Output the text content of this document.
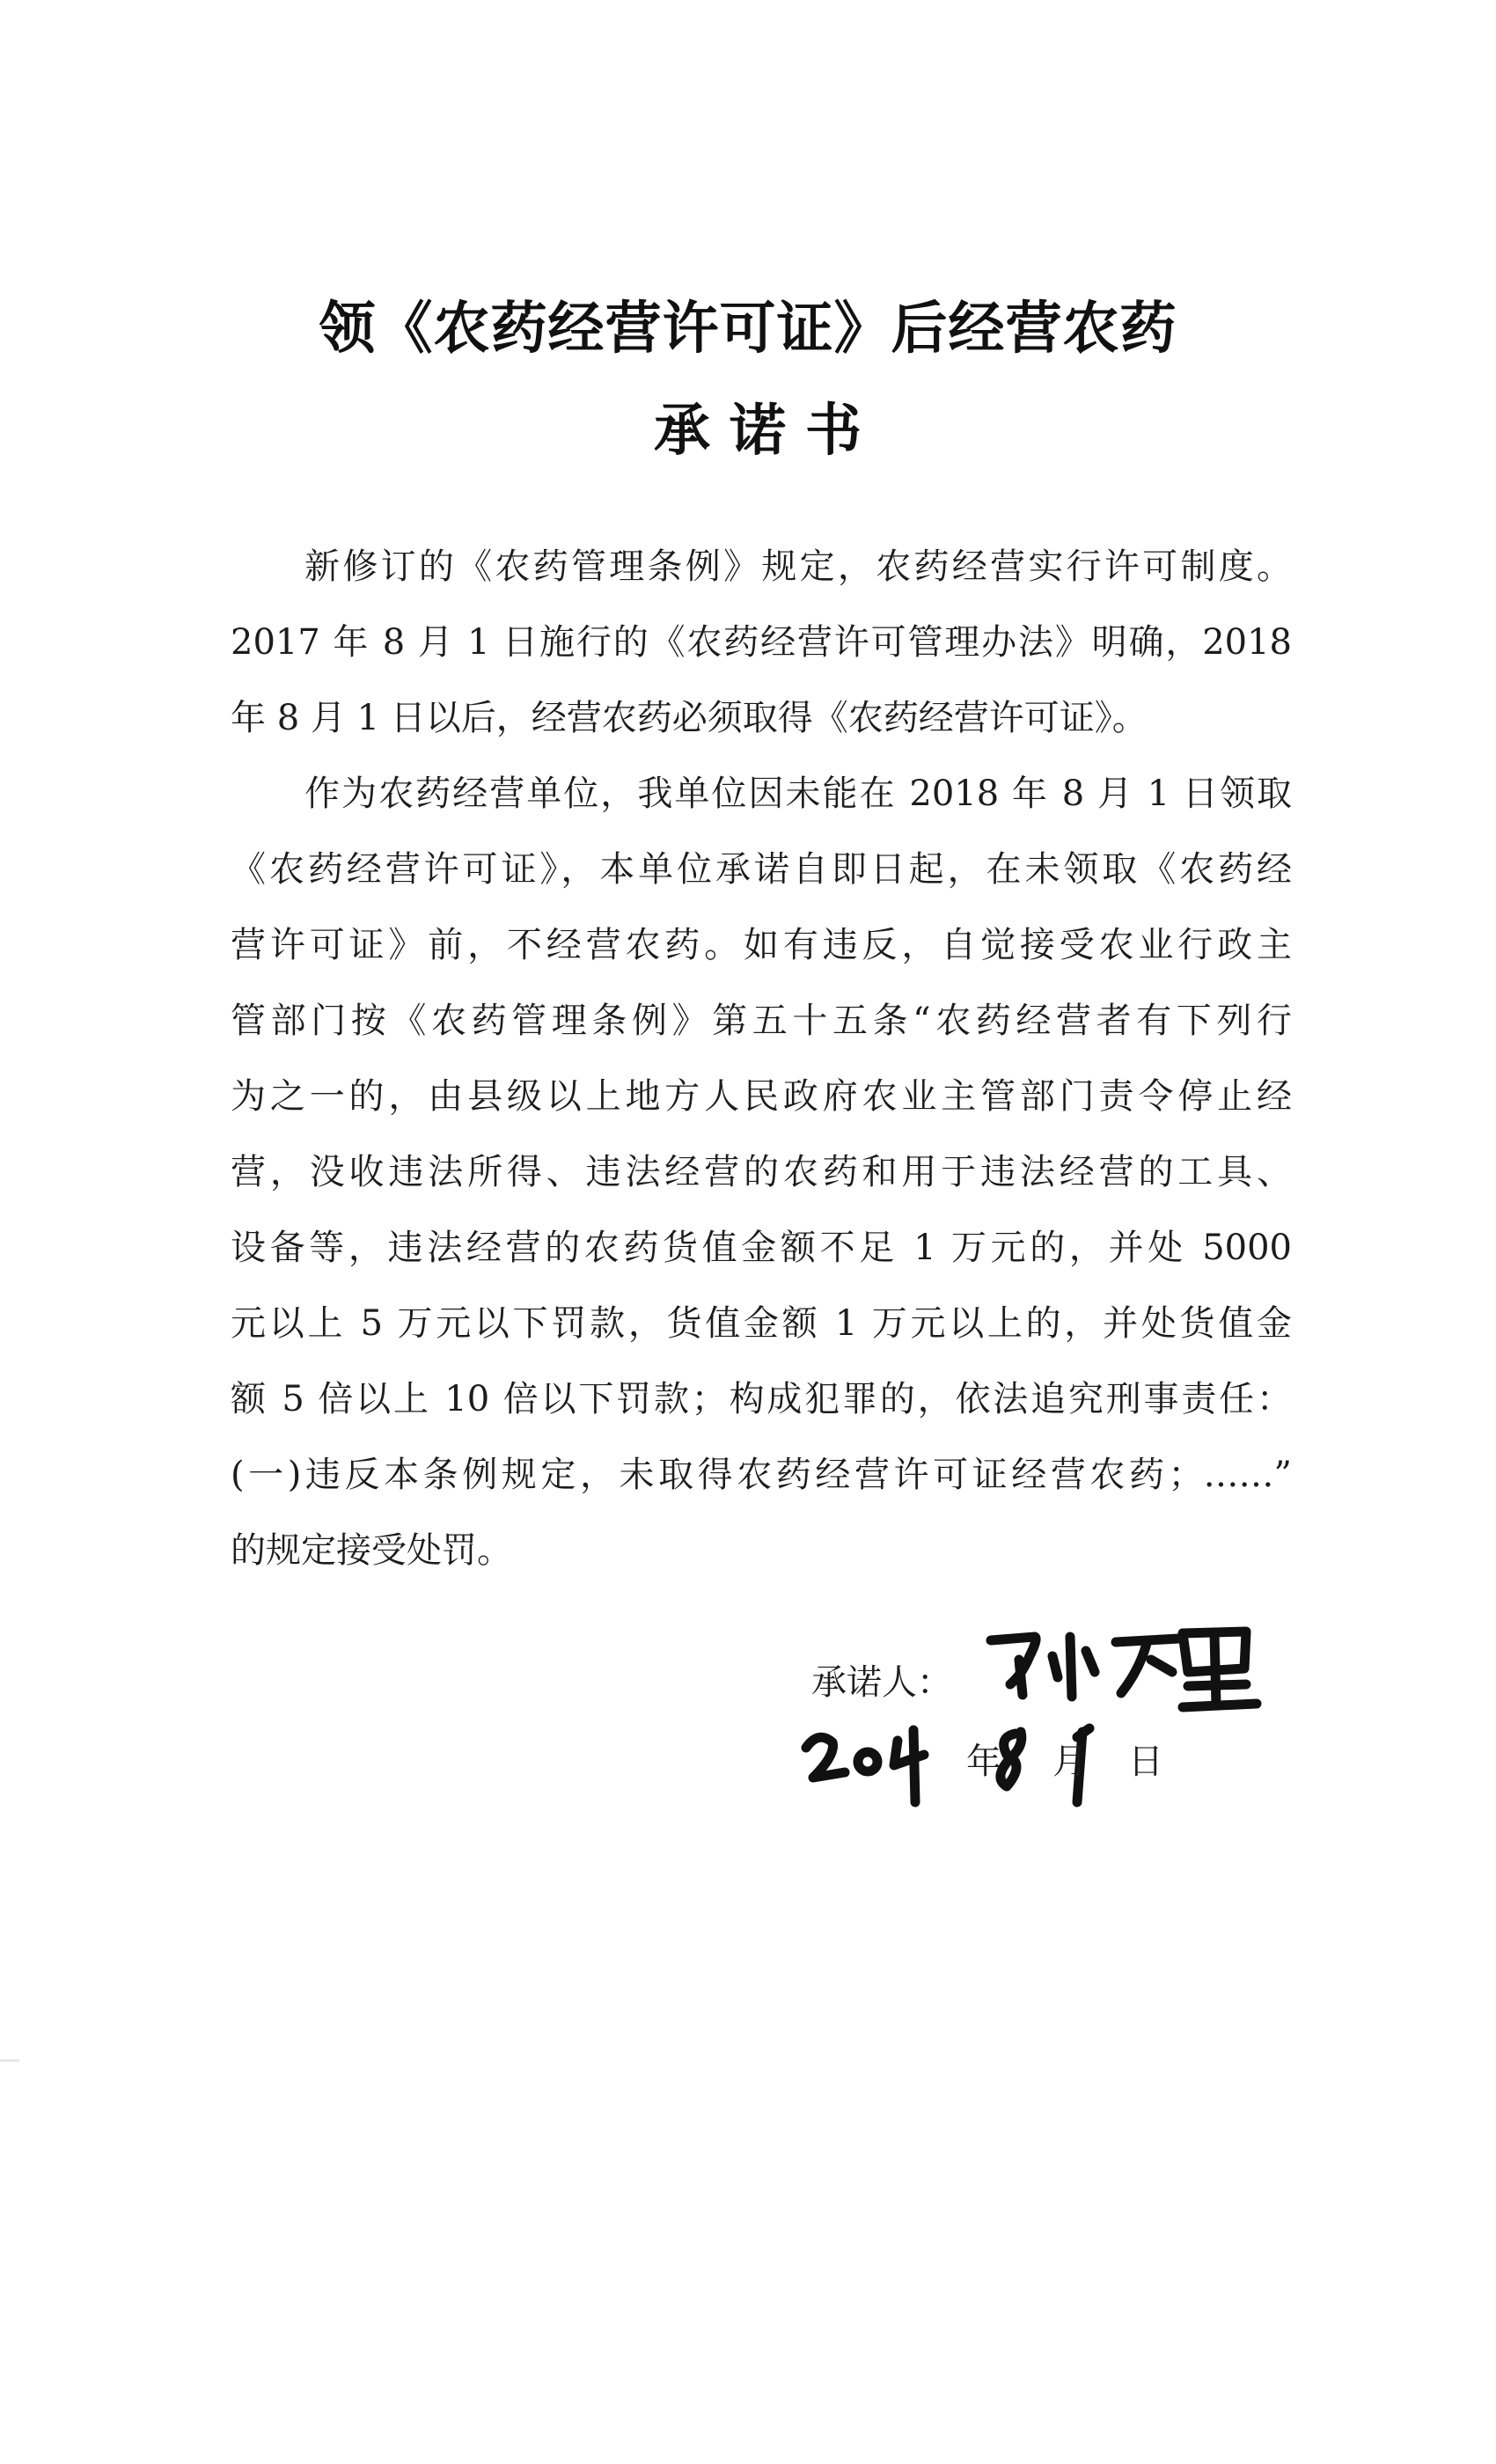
领《农药经营许可证》后经营农药
承诺书
新修订的《农药管理条例》规定，农药经营实行许可制度。
2017 年 8 月 1 日施行的《农药经营许可管理办法》明确，2018
年 8 月 1 日以后，经营农药必须取得《农药经营许可证》。
作为农药经营单位，我单位因未能在 2018 年 8 月 1 日领取
《农药经营许可证》，本单位承诺自即日起，在未领取《农药经
营许可证》前，不经营农药。如有违反，自觉接受农业行政主
管部门按《农药管理条例》第五十五条“农药经营者有下列行
为之一的，由县级以上地方人民政府农业主管部门责令停止经
营，没收违法所得、违法经营的农药和用于违法经营的工具、
设备等，违法经营的农药货值金额不足 1 万元的，并处 5000
元以上 5 万元以下罚款，货值金额 1 万元以上的，并处货值金
额 5 倍以上 10 倍以下罚款；构成犯罪的，依法追究刑事责任：
(一)违反本条例规定，未取得农药经营许可证经营农药；……”
的规定接受处罚。
承诺人：
年 月 日
